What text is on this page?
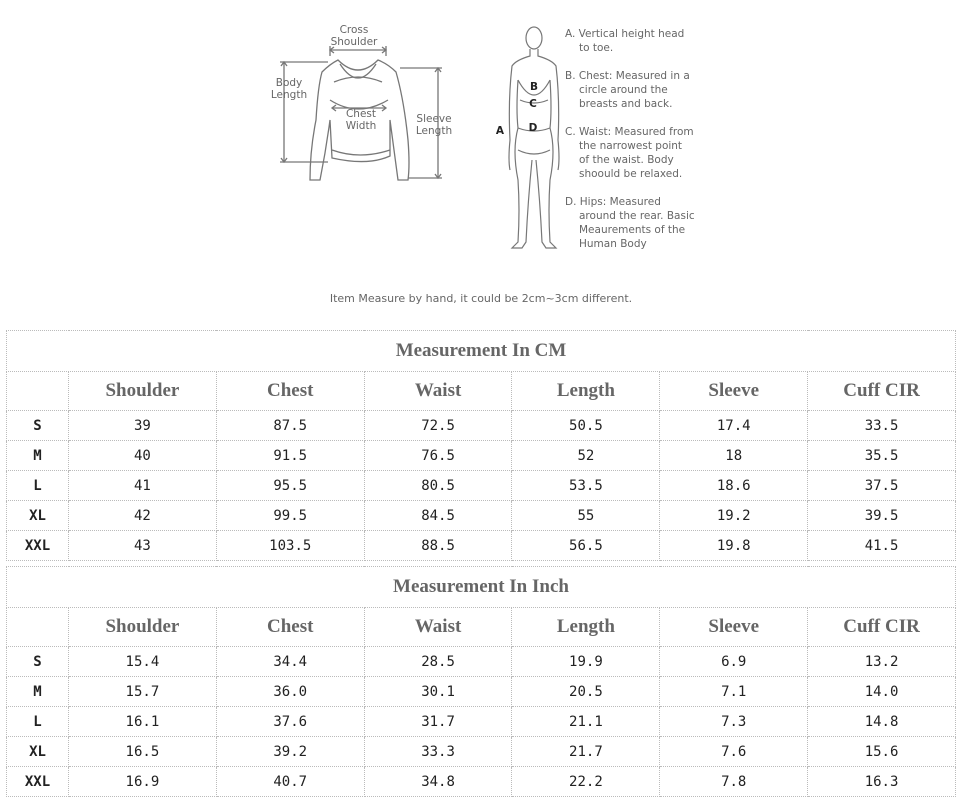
Cross
Shoulder
Body
Length
Chest
Width
Sleeve
Length
B
C
A D

A. Vertical height head to toe.

B. Chest: Measured in a circle around the breasts and back.

C. Waist: Measured from the narrowest point of the waist. Body shoould be relaxed.

D. Hips: Measured around the rear. Basic Meaurements of the Human Body

Item Measure by hand, it could be 2cm~3cm different.
Measurement In CM						
	Shoulder	Chest	Waist	Length	Sleeve	Cuff CIR
S	39	87.5	72.5	50.5	17.4	33.5
M	40	91.5	76.5	52	18	35.5
L	41	95.5	80.5	53.5	18.6	37.5
XL	42	99.5	84.5	55	19.2	39.5
XXL	43	103.5	88.5	56.5	19.8	41.5
Measurement In Inch						
	Shoulder	Chest	Waist	Length	Sleeve	Cuff CIR
S	15.4	34.4	28.5	19.9	6.9	13.2
M	15.7	36.0	30.1	20.5	7.1	14.0
L	16.1	37.6	31.7	21.1	7.3	14.8
XL	16.5	39.2	33.3	21.7	7.6	15.6
XXL	16.9	40.7	34.8	22.2	7.8	16.3
